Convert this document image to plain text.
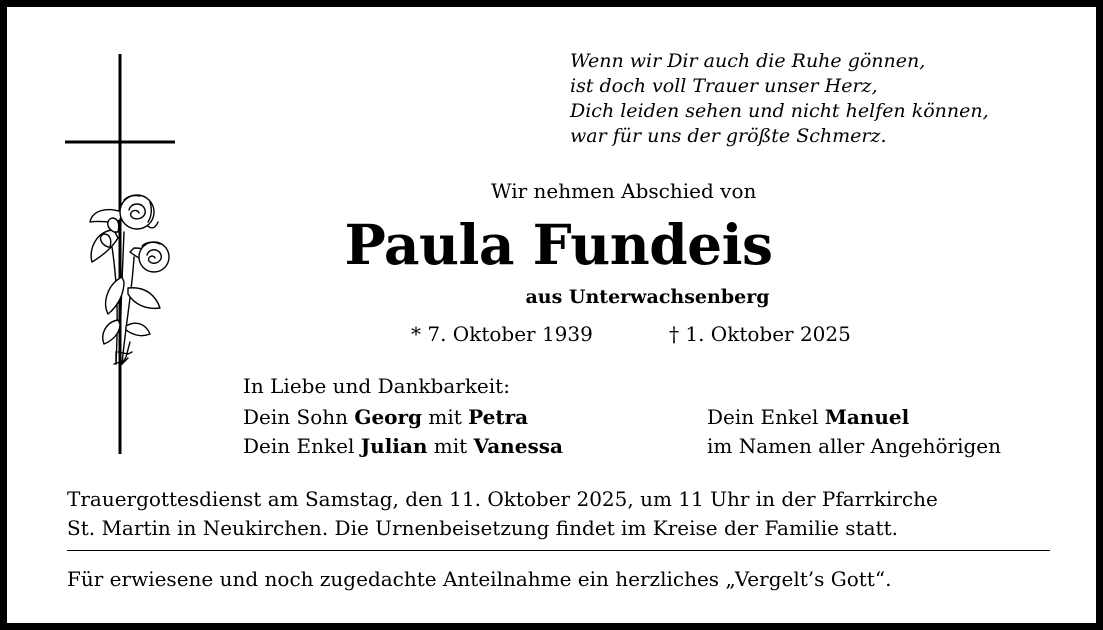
Wenn wir Dir auch die Ruhe gönnen,
ist doch voll Trauer unser Herz,
Dich leiden sehen und nicht helfen können,
war für uns der größte Schmerz.
Wir nehmen Abschied von
Paula Fundeis
aus Unterwachsenberg
* 7. Oktober 1939	† 1. Oktober 2025
In Liebe und Dankbarkeit:
Dein Sohn Georg mit Petra
Dein Enkel Julian mit Vanessa
Dein Enkel Manuel
im Namen aller Angehörigen
Trauergottesdienst am Samstag, den 11. Oktober 2025, um 11 Uhr in der Pfarrkirche
St. Martin in Neukirchen. Die Urnenbeisetzung findet im Kreise der Familie statt.
Für erwiesene und noch zugedachte Anteilnahme ein herzliches „Vergelt’s Gott“.
